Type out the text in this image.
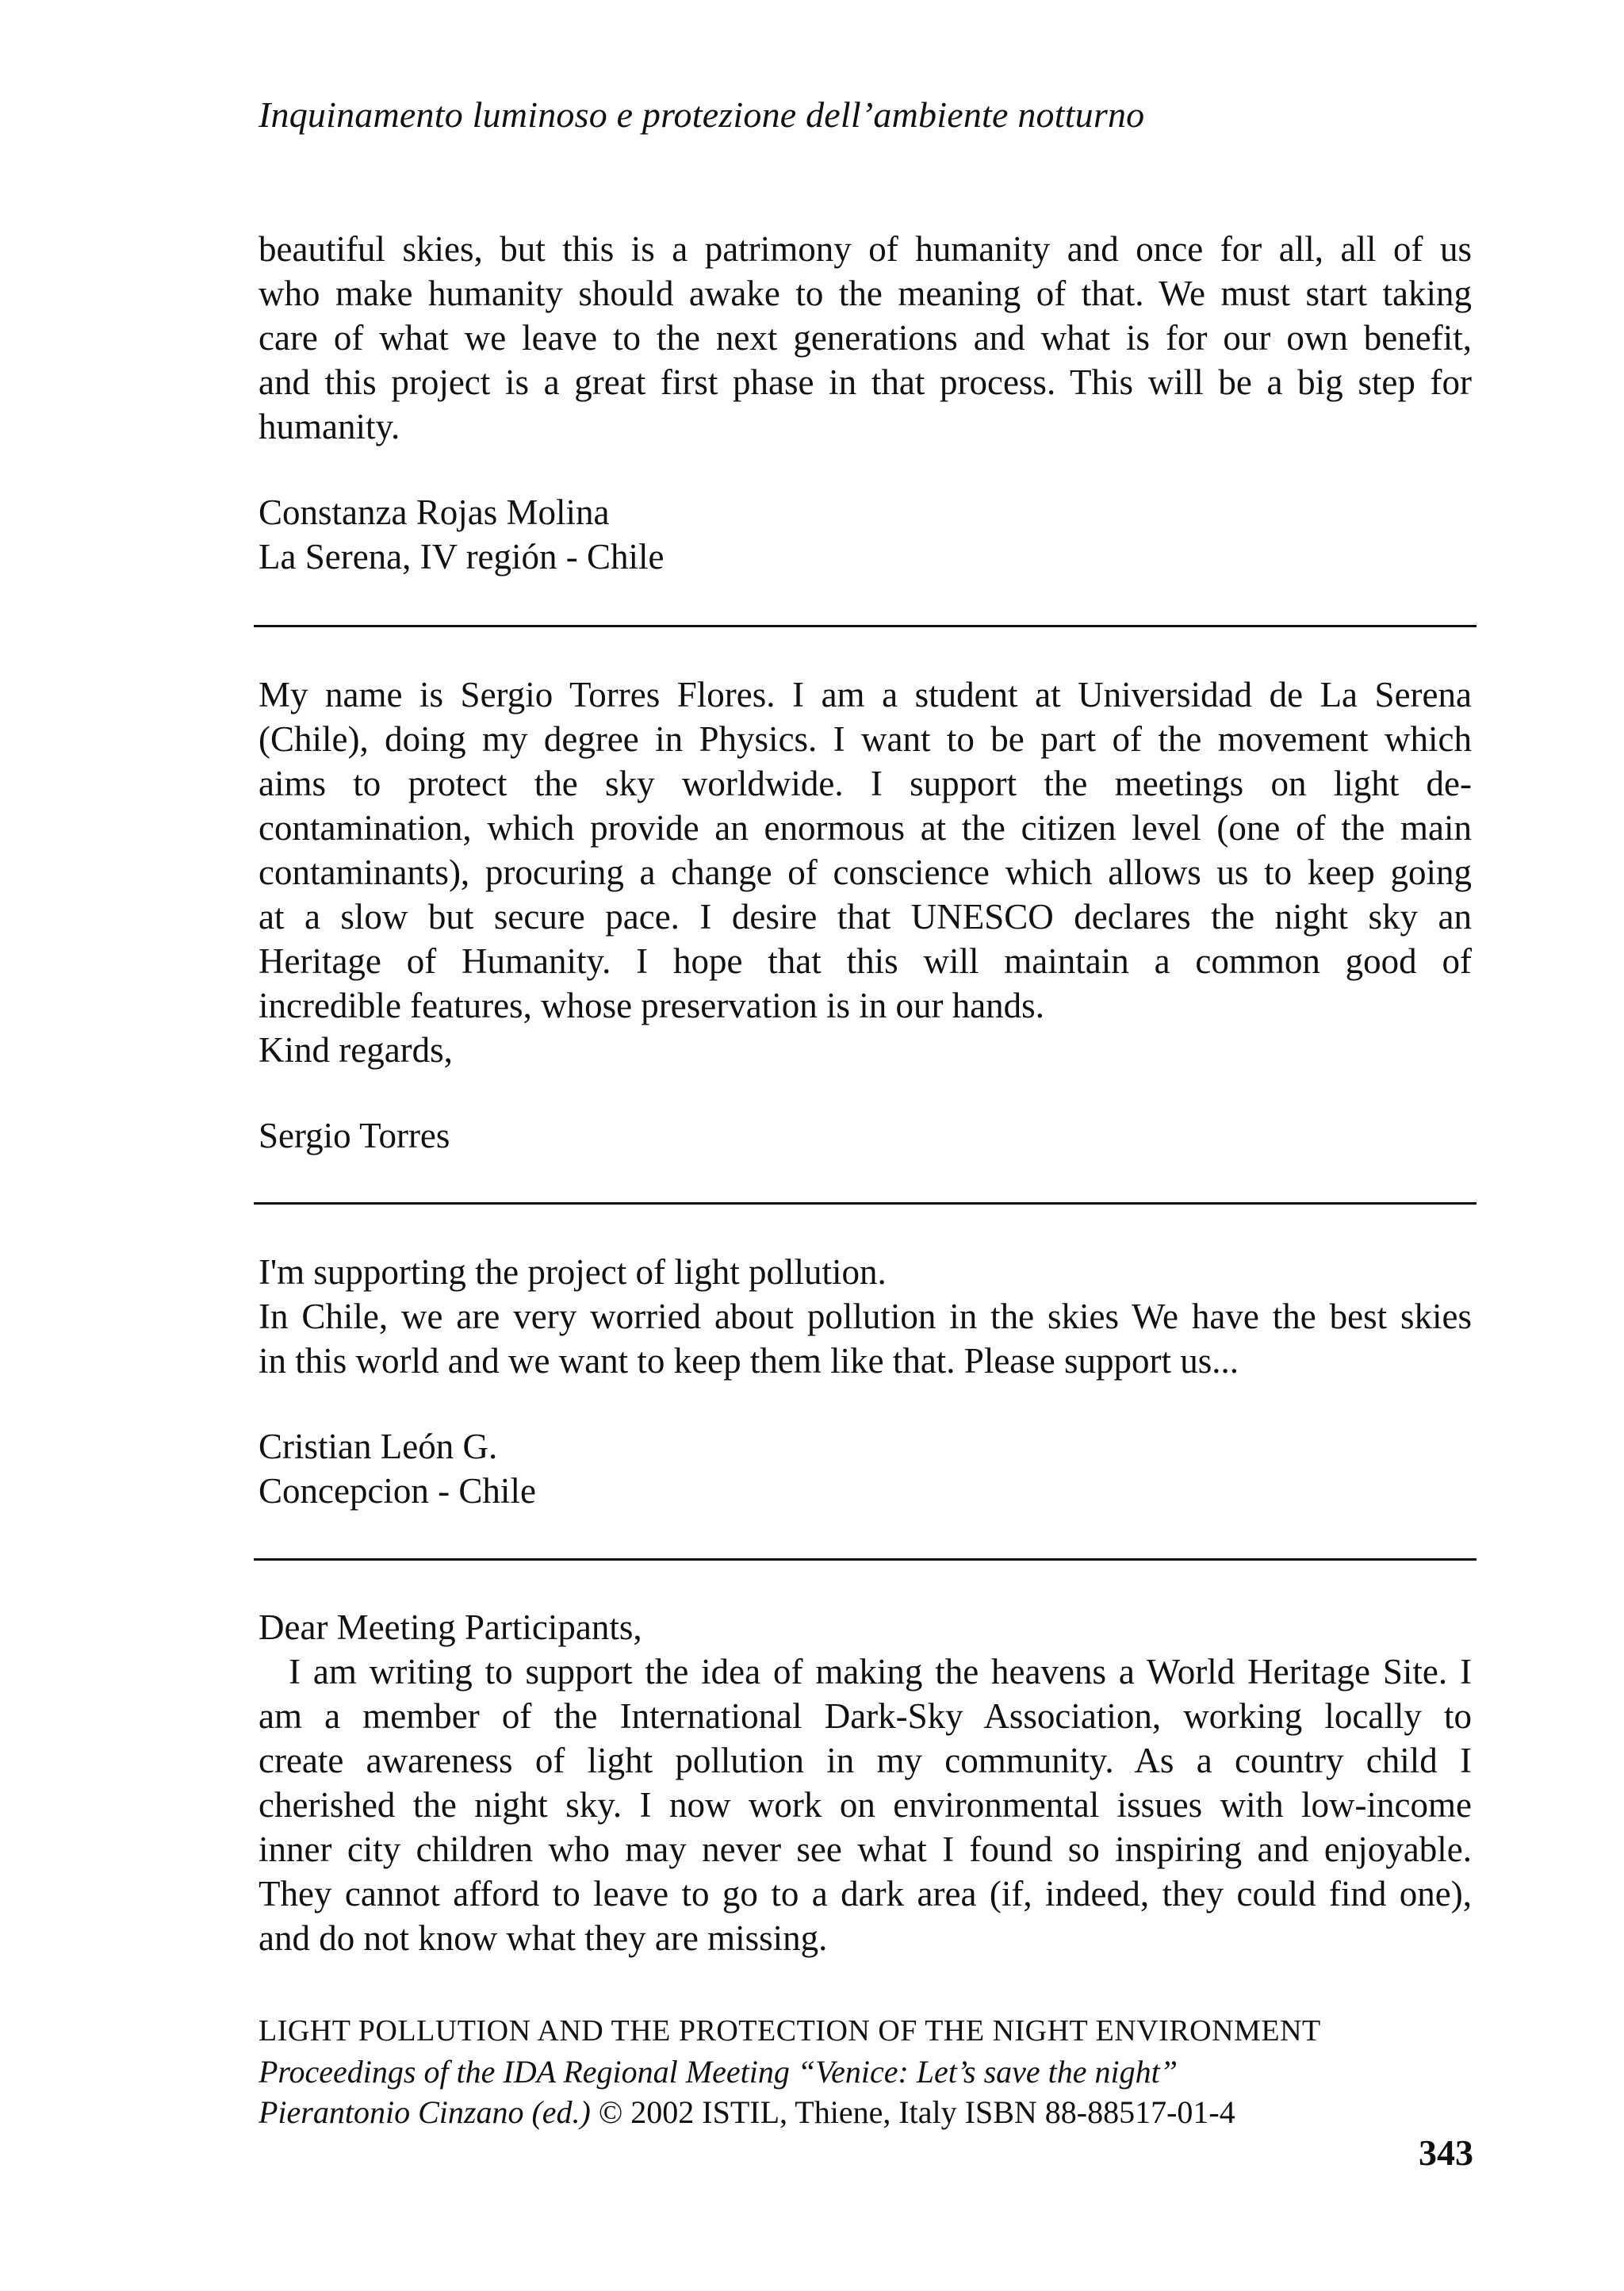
Inquinamento luminoso e protezione dell’ambiente notturno
beautiful skies, but this is a patrimony of humanity and once for all, all of us
who make humanity should awake to the meaning of that. We must start taking
care of what we leave to the next generations and what is for our own benefit,
and this project is a great first phase in that process. This will be a big step for
humanity.
Constanza Rojas Molina
La Serena, IV región - Chile
My name is Sergio Torres Flores. I am a student at Universidad de La Serena
(Chile), doing my degree in Physics. I want to be part of the movement which
aims to protect the sky worldwide. I support the meetings on light de-
contamination, which provide an enormous at the citizen level (one of the main
contaminants), procuring a change of conscience which allows us to keep going
at a slow but secure pace. I desire that UNESCO declares the night sky an
Heritage of Humanity. I hope that this will maintain a common good of
incredible features, whose preservation is in our hands.
Kind regards,
Sergio Torres
I'm supporting the project of light pollution.
In Chile, we are very worried about pollution in the skies We have the best skies
in this world and we want to keep them like that. Please support us...
Cristian León G.
Concepcion - Chile
Dear Meeting Participants,
I am writing to support the idea of making the heavens a World Heritage Site. I
am a member of the International Dark-Sky Association, working locally to
create awareness of light pollution in my community. As a country child I
cherished the night sky. I now work on environmental issues with low-income
inner city children who may never see what I found so inspiring and enjoyable.
They cannot afford to leave to go to a dark area (if, indeed, they could find one),
and do not know what they are missing.
LIGHT POLLUTION AND THE PROTECTION OF THE NIGHT ENVIRONMENT
Proceedings of the IDA Regional Meeting “Venice: Let’s save the night”
Pierantonio Cinzano (ed.) © 2002 ISTIL, Thiene, Italy ISBN 88-88517-01-4
343
